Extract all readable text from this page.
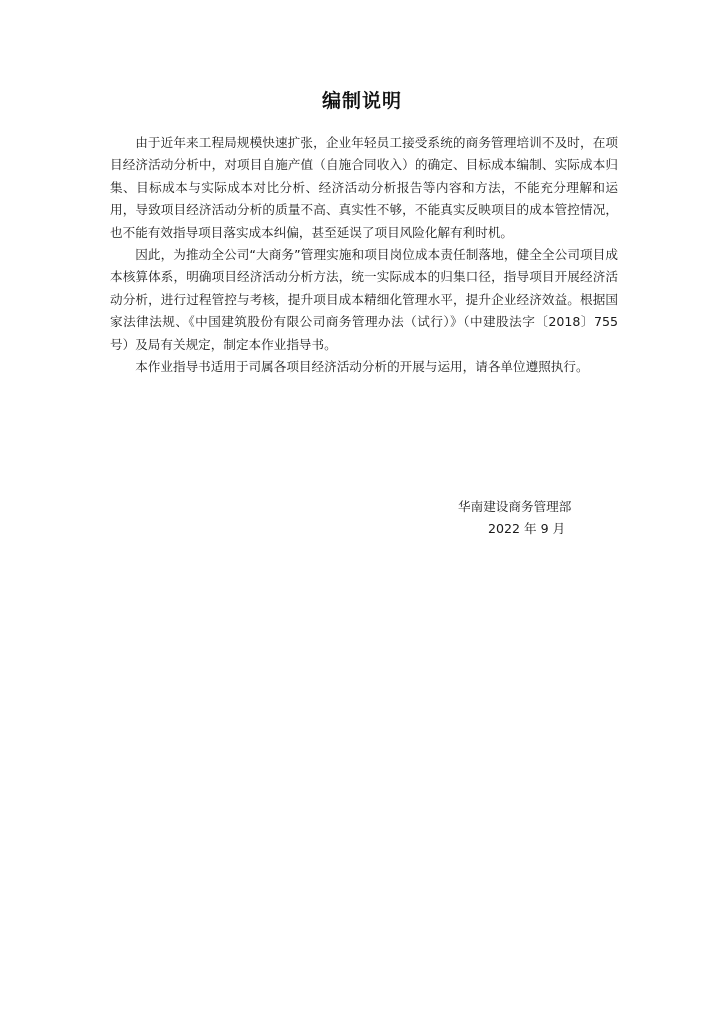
编制说明

由于近年来工程局规模快速扩张，企业年轻员工接受系统的商务管理培训不及时，在项目经济活动分析中，对项目自施产值（自施合同收入）的确定、目标成本编制、实际成本归集、目标成本与实际成本对比分析、经济活动分析报告等内容和方法，不能充分理解和运用，导致项目经济活动分析的质量不高、真实性不够，不能真实反映项目的成本管控情况，也不能有效指导项目落实成本纠偏，甚至延误了项目风险化解有利时机。

因此，为推动全公司“大商务”管理实施和项目岗位成本责任制落地，健全全公司项目成本核算体系，明确项目经济活动分析方法，统一实际成本的归集口径，指导项目开展经济活动分析，进行过程管控与考核，提升项目成本精细化管理水平，提升企业经济效益。根据国家法律法规、《中国建筑股份有限公司商务管理办法（试行）》（中建股法字〔2018〕755号）及局有关规定，制定本作业指导书。

本作业指导书适用于司属各项目经济活动分析的开展与运用，请各单位遵照执行。

华南建设商务管理部
2022 年 9 月
